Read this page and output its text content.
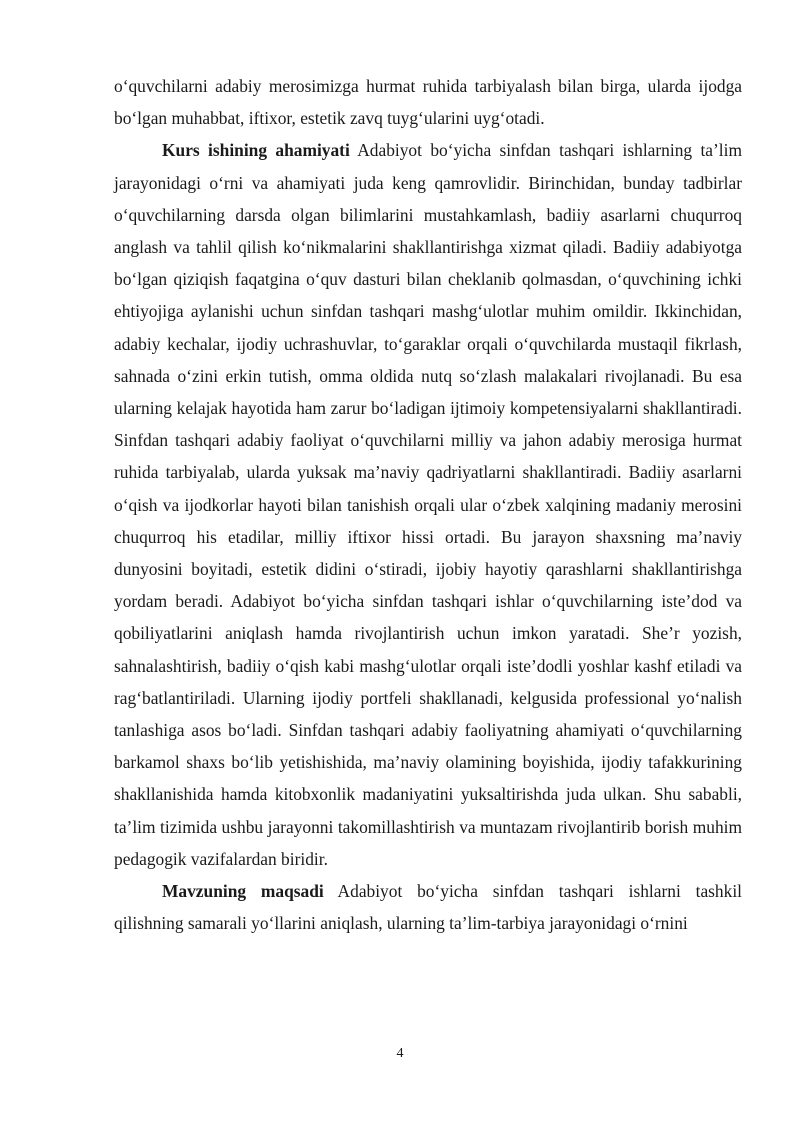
o‘quvchilarni adabiy merosimizga hurmat ruhida tarbiyalash bilan birga, ularda ijodga bo‘lgan muhabbat, iftixor, estetik zavq tuyg‘ularini uyg‘otadi.

Kurs ishining ahamiyati Adabiyot bo‘yicha sinfdan tashqari ishlarning ta’lim jarayonidagi o‘rni va ahamiyati juda keng qamrovlidir. Birinchidan, bunday tadbirlar o‘quvchilarning darsda olgan bilimlarini mustahkamlash, badiiy asarlarni chuqurroq anglash va tahlil qilish ko‘nikmalarini shakllantirishga xizmat qiladi. Badiiy adabiyotga bo‘lgan qiziqish faqatgina o‘quv dasturi bilan cheklanib qolmasdan, o‘quvchining ichki ehtiyojiga aylanishi uchun sinfdan tashqari mashg‘ulotlar muhim omildir. Ikkinchidan, adabiy kechalar, ijodiy uchrashuvlar, to‘garaklar orqali o‘quvchilarda mustaqil fikrlash, sahnada o‘zini erkin tutish, omma oldida nutq so‘zlash malakalari rivojlanadi. Bu esa ularning kelajak hayotida ham zarur bo‘ladigan ijtimoiy kompetensiyalarni shakllantiradi. Sinfdan tashqari adabiy faoliyat o‘quvchilarni milliy va jahon adabiy merosiga hurmat ruhida tarbiyalab, ularda yuksak ma’naviy qadriyatlarni shakllantiradi. Badiiy asarlarni o‘qish va ijodkorlar hayoti bilan tanishish orqali ular o‘zbek xalqining madaniy merosini chuqurroq his etadilar, milliy iftixor hissi ortadi. Bu jarayon shaxsning ma’naviy dunyosini boyitadi, estetik didini o‘stiradi, ijobiy hayotiy qarashlarni shakllantirishga yordam beradi. Adabiyot bo‘yicha sinfdan tashqari ishlar o‘quvchilarning iste’dod va qobiliyatlarini aniqlash hamda rivojlantirish uchun imkon yaratadi. She’r yozish, sahnalashtirish, badiiy o‘qish kabi mashg‘ulotlar orqali iste’dodli yoshlar kashf etiladi va rag‘batlantiriladi. Ularning ijodiy portfeli shakllanadi, kelgusida professional yo‘nalish tanlashiga asos bo‘ladi. Sinfdan tashqari adabiy faoliyatning ahamiyati o‘quvchilarning barkamol shaxs bo‘lib yetishishida, ma’naviy olamining boyishida, ijodiy tafakkurining shakllanishida hamda kitobxonlik madaniyatini yuksaltirishda juda ulkan. Shu sababli, ta’lim tizimida ushbu jarayonni takomillashtirish va muntazam rivojlantirib borish muhim pedagogik vazifalardan biridir.

Mavzuning maqsadi Adabiyot bo‘yicha sinfdan tashqari ishlarni tashkil qilishning samarali yo‘llarini aniqlash, ularning ta’lim-tarbiya jarayonidagi o‘rnini

4
